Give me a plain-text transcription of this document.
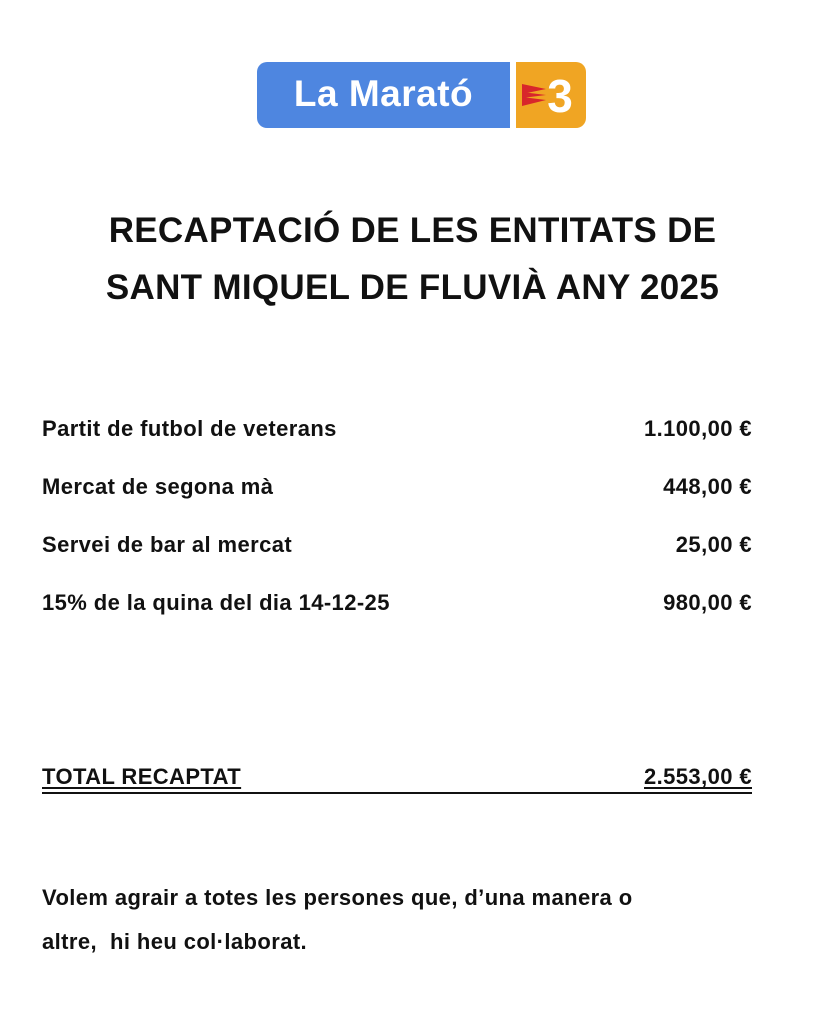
La Marató	3
RECAPTACIÓ DE LES ENTITATS DE
SANT MIQUEL DE FLUVIÀ ANY 2025
Partit de futbol de veterans	1.100,00 €
Mercat de segona mà	448,00 €
Servei de bar al mercat	25,00 €
15% de la quina del dia 14-12-25	980,00 €
TOTAL RECAPTAT	2.553,00 €
Volem agrair a totes les persones que, d’una manera o
altre,  hi heu col·laborat.
